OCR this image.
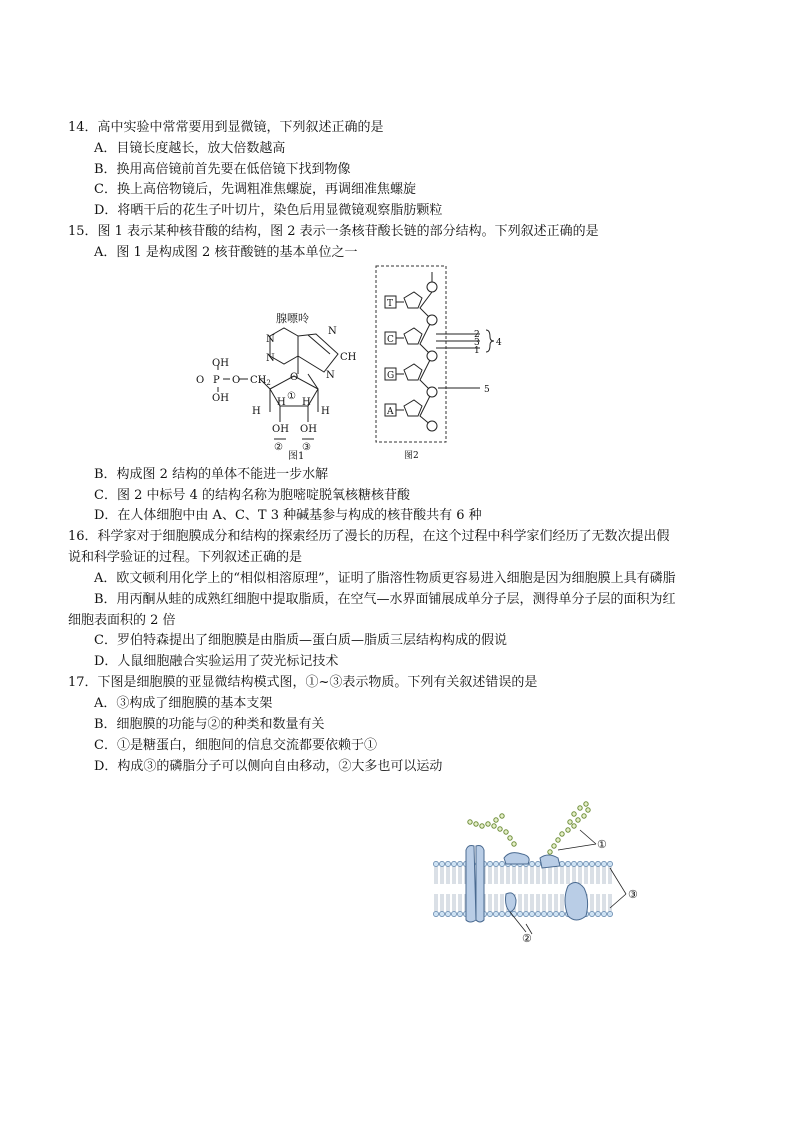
14．高中实验中常常要用到显微镜，下列叙述正确的是
A．目镜长度越长，放大倍数越高
B．换用高倍镜前首先要在低倍镜下找到物像
C．换上高倍物镜后，先调粗准焦螺旋，再调细准焦螺旋
D．将晒干后的花生子叶切片，染色后用显微镜观察脂肪颗粒
15．图 1 表示某种核苷酸的结构，图 2 表示一条核苷酸长链的部分结构。下列叙述正确的是
A．图 1 是构成图 2 核苷酸链的基本单位之一
腺嘌呤
OH
P
O
OH
O $CH_2$ O
N
CH
N
N
N
H
H H
H
①
OH OH
② ③
图1
T
C
G
A
2
3
1
4
5
图2
B．构成图 2 结构的单体不能进一步水解
C．图 2 中标号 4 的结构名称为胞嘧啶脱氧核糖核苷酸
D．在人体细胞中由 A、C、T 3 种碱基参与构成的核苷酸共有 6 种
16．科学家对于细胞膜成分和结构的探索经历了漫长的历程，在这个过程中科学家们经历了无数次提出假
说和科学验证的过程。下列叙述正确的是
A．欧文顿利用化学上的“相似相溶原理”，证明了脂溶性物质更容易进入细胞是因为细胞膜上具有磷脂
B．用丙酮从蛙的成熟红细胞中提取脂质，在空气—水界面铺展成单分子层，测得单分子层的面积为红
细胞表面积的 2 倍
C．罗伯特森提出了细胞膜是由脂质—蛋白质—脂质三层结构构成的假说
D．人鼠细胞融合实验运用了荧光标记技术
17．下图是细胞膜的亚显微结构模式图，①~③表示物质。下列有关叙述错误的是
A．③构成了细胞膜的基本支架
B．细胞膜的功能与②的种类和数量有关
C．①是糖蛋白，细胞间的信息交流都要依赖于①
D．构成③的磷脂分子可以侧向自由移动，②大多也可以运动
①
②
③
